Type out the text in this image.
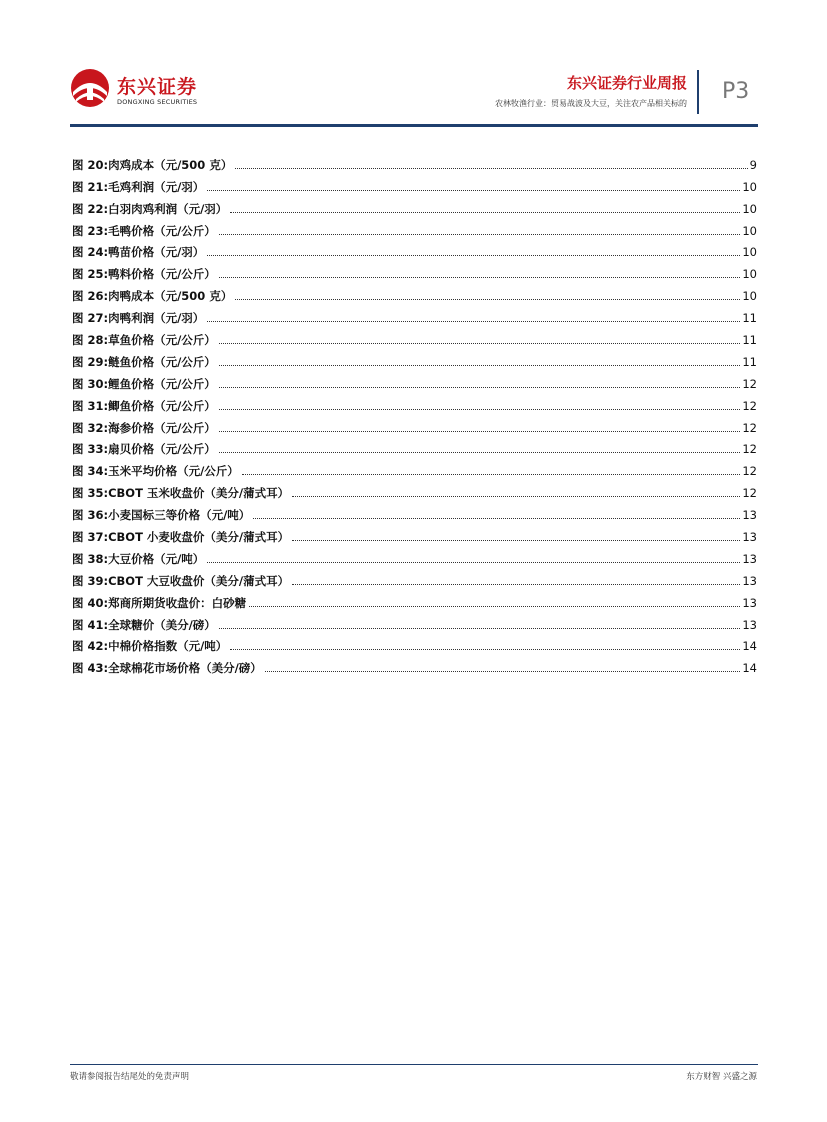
东兴证券
DONGXING SECURITIES
东兴证券行业周报
农林牧渔行业：贸易战波及大豆，关注农产品相关标的 P3
图 20:肉鸡成本（元/500 克）	9
图 21:毛鸡利润（元/羽）	10
图 22:白羽肉鸡利润（元/羽）	10
图 23:毛鸭价格（元/公斤）	10
图 24:鸭苗价格（元/羽）	10
图 25:鸭料价格（元/公斤）	10
图 26:肉鸭成本（元/500 克）	10
图 27:肉鸭利润（元/羽）	11
图 28:草鱼价格（元/公斤）	11
图 29:鲢鱼价格（元/公斤）	11
图 30:鲤鱼价格（元/公斤）	12
图 31:鲫鱼价格（元/公斤）	12
图 32:海参价格（元/公斤）	12
图 33:扇贝价格（元/公斤）	12
图 34:玉米平均价格（元/公斤）	12
图 35:CBOT 玉米收盘价（美分/蒲式耳）	12
图 36:小麦国标三等价格（元/吨）	13
图 37:CBOT 小麦收盘价（美分/蒲式耳）	13
图 38:大豆价格（元/吨）	13
图 39:CBOT 大豆收盘价（美分/蒲式耳）	13
图 40:郑商所期货收盘价：白砂糖	13
图 41:全球糖价（美分/磅）	13
图 42:中棉价格指数（元/吨）	14
图 43:全球棉花市场价格（美分/磅）	14
敬请参阅报告结尾处的免责声明	东方财智 兴盛之源
